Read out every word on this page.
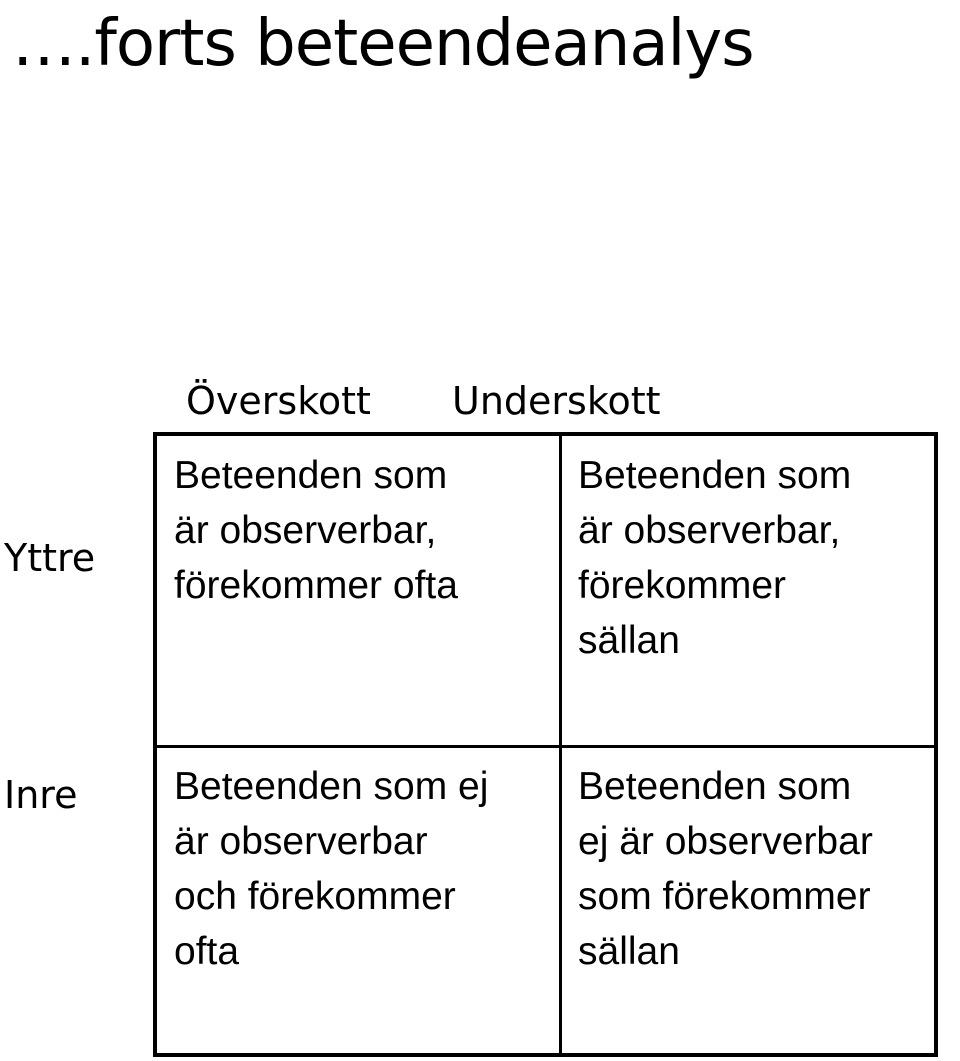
….forts beteendeanalys
Överskott Underskott
Yttre
Inre
Beteenden som
är observerbar,
förekommer ofta
Beteenden som
är observerbar,
förekommer
sällan
Beteenden som ej
är observerbar
och förekommer
ofta
Beteenden som
ej är observerbar
som förekommer
sällan
